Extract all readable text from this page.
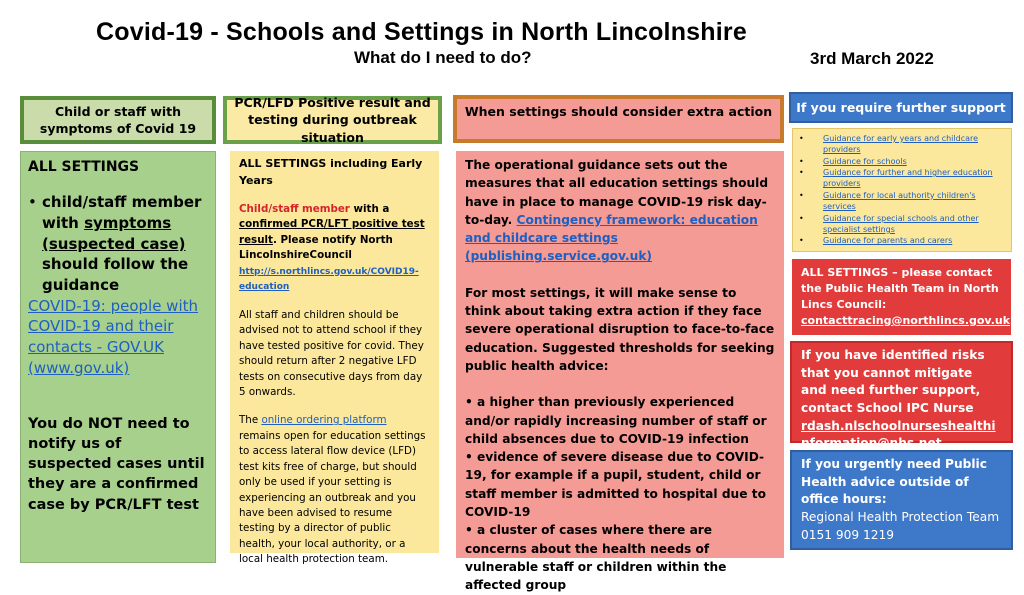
Covid-19 - Schools and Settings in North Lincolnshire
What do I need to do?	3rd March 2022
Child or staff with symptoms of Covid 19
PCR/LFD Positive result and testing during outbreak situation
When settings should consider extra action	If you require further support
ALL SETTINGS
• child/staff member with symptoms
(suspected case) should follow the guidance
COVID-19: people with COVID-19 and their contacts - GOV.UK (www.gov.uk)
You do NOT need to notify us of suspected cases until they are a confirmed case by PCR/LFT test
ALL SETTINGS including Early Years

Child/staff member with a confirmed PCR/LFT positive test result. Please notify North LincolnshireCouncil http://s.northlincs.gov.uk/COVID19-education

All staff and children should be advised not to attend school if they have tested positive for covid. They should return after 2 negative LFD tests on consecutive days from day 5 onwards.

The online ordering platform remains open for education settings to access lateral flow device (LFD) test kits free of charge, but should only be used if your setting is experiencing an outbreak and you have been advised to resume testing by a director of public health, your local authority, or a local health protection team.

The operational guidance sets out the measures that all education settings should have in place to manage COVID-19 risk day-to-day. Contingency framework: education and childcare settings (publishing.service.gov.uk)

For most settings, it will make sense to think about taking extra action if they face severe operational disruption to face-to-face education. Suggested thresholds for seeking public health advice:

• a higher than previously experienced and/or rapidly increasing number of staff or child absences due to COVID-19 infection
• evidence of severe disease due to COVID-19, for example if a pupil, student, child or staff member is admitted to hospital due to COVID-19
• a cluster of cases where there are concerns about the health needs of vulnerable staff or children within the affected group
•	Guidance for early years and childcare providers
•	Guidance for schools
•	Guidance for further and higher education providers
•	Guidance for local authority children's services
•	Guidance for special schools and other specialist settings
•	Guidance for parents and carers
ALL SETTINGS – please contact the Public Health Team in North Lincs Council:
contacttracing@northlincs.gov.uk
If you have identified risks that you cannot mitigate and need further support, contact School IPC Nurse
rdash.nlschoolnurseshealthinformation@nhs.net
If you urgently need Public Health advice outside of office hours:
Regional Health Protection Team
0151 909 1219
